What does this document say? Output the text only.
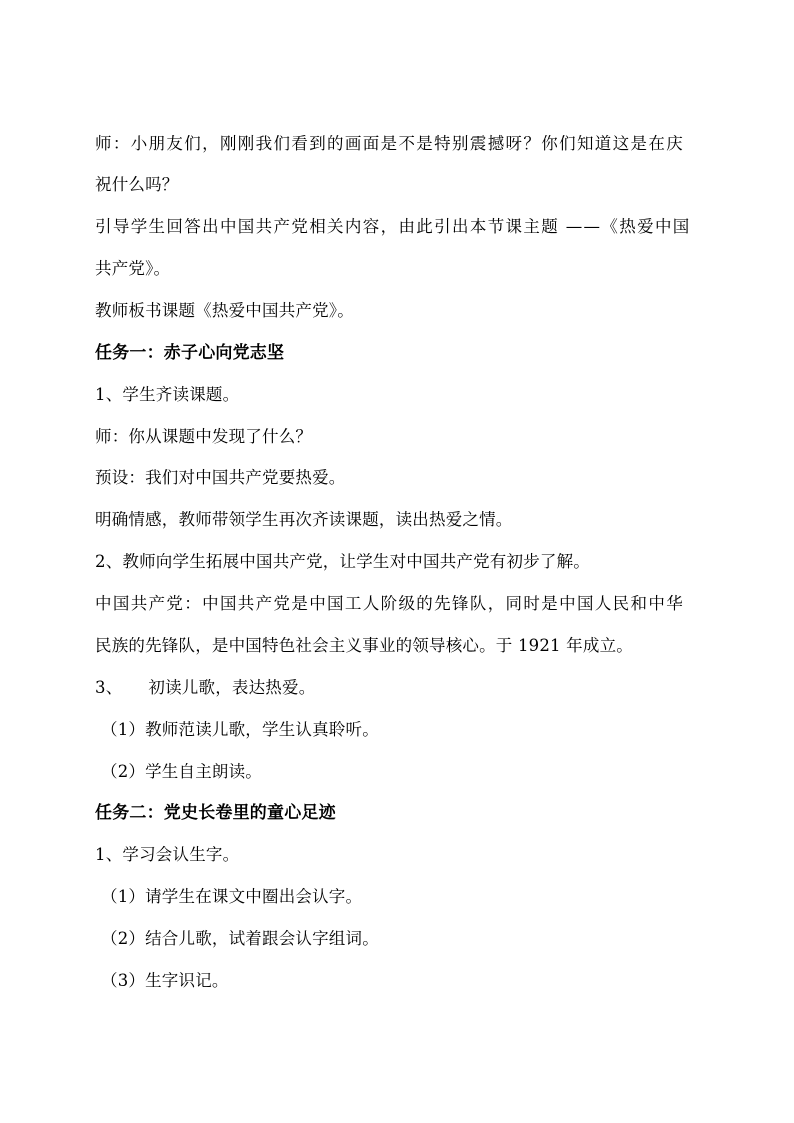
师：小朋友们，刚刚我们看到的画面是不是特别震撼呀？你们知道这是在庆
祝什么吗？
引导学生回答出中国共产党相关内容，由此引出本节课主题 ——《热爱中国
共产党》。
教师板书课题《热爱中国共产党》。
任务一：赤子心向党志坚
1、学生齐读课题。
师：你从课题中发现了什么？
预设：我们对中国共产党要热爱。
明确情感，教师带领学生再次齐读课题，读出热爱之情。
2、教师向学生拓展中国共产党，让学生对中国共产党有初步了解。
中国共产党：中国共产党是中国工人阶级的先锋队，同时是中国人民和中华
民族的先锋队，是中国特色社会主义事业的领导核心。于 1921 年成立。
3、 初读儿歌，表达热爱。
（1）教师范读儿歌，学生认真聆听。
（2）学生自主朗读。
任务二：党史长卷里的童心足迹
1、学习会认生字。
（1）请学生在课文中圈出会认字。
（2）结合儿歌，试着跟会认字组词。
（3）生字识记。
